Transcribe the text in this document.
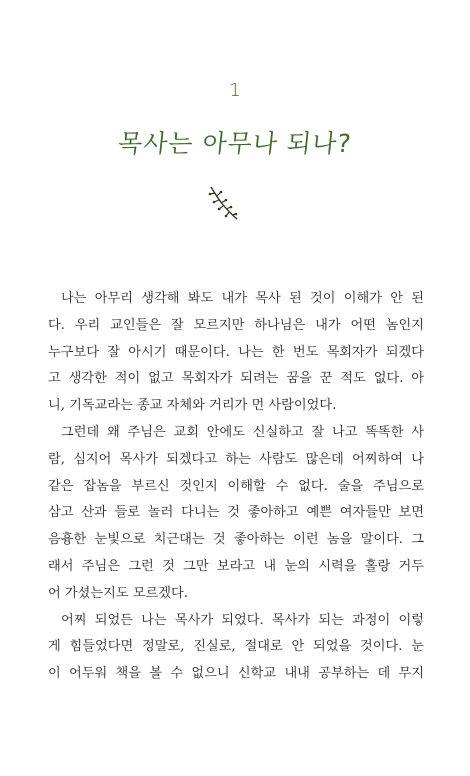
1
목사는 아무나 되나?

나는 아무리 생각해 봐도 내가 목사 된 것이 이해가 안 된
다. 우리 교인들은 잘 모르지만 하나님은 내가 어떤 놈인지
누구보다 잘 아시기 때문이다. 나는 한 번도 목회자가 되겠다
고 생각한 적이 없고 목회자가 되려는 꿈을 꾼 적도 없다. 아
니, 기독교라는 종교 자체와 거리가 먼 사람이었다.

그런데 왜 주님은 교회 안에도 신실하고 잘 나고 똑똑한 사
람, 심지어 목사가 되겠다고 하는 사람도 많은데 어찌하여 나
같은 잡놈을 부르신 것인지 이해할 수 없다. 술을 주님으로
삼고 산과 들로 놀러 다니는 것 좋아하고 예쁜 여자들만 보면
음흉한 눈빛으로 치근대는 것 좋아하는 이런 놈을 말이다. 그
래서 주님은 그런 것 그만 보라고 내 눈의 시력을 홀랑 거두
어 가셨는지도 모르겠다.

어찌 되었든 나는 목사가 되었다. 목사가 되는 과정이 이렇
게 힘들었다면 정말로, 진실로, 절대로 안 되었을 것이다. 눈
이 어두워 책을 볼 수 없으니 신학교 내내 공부하는 데 무지
